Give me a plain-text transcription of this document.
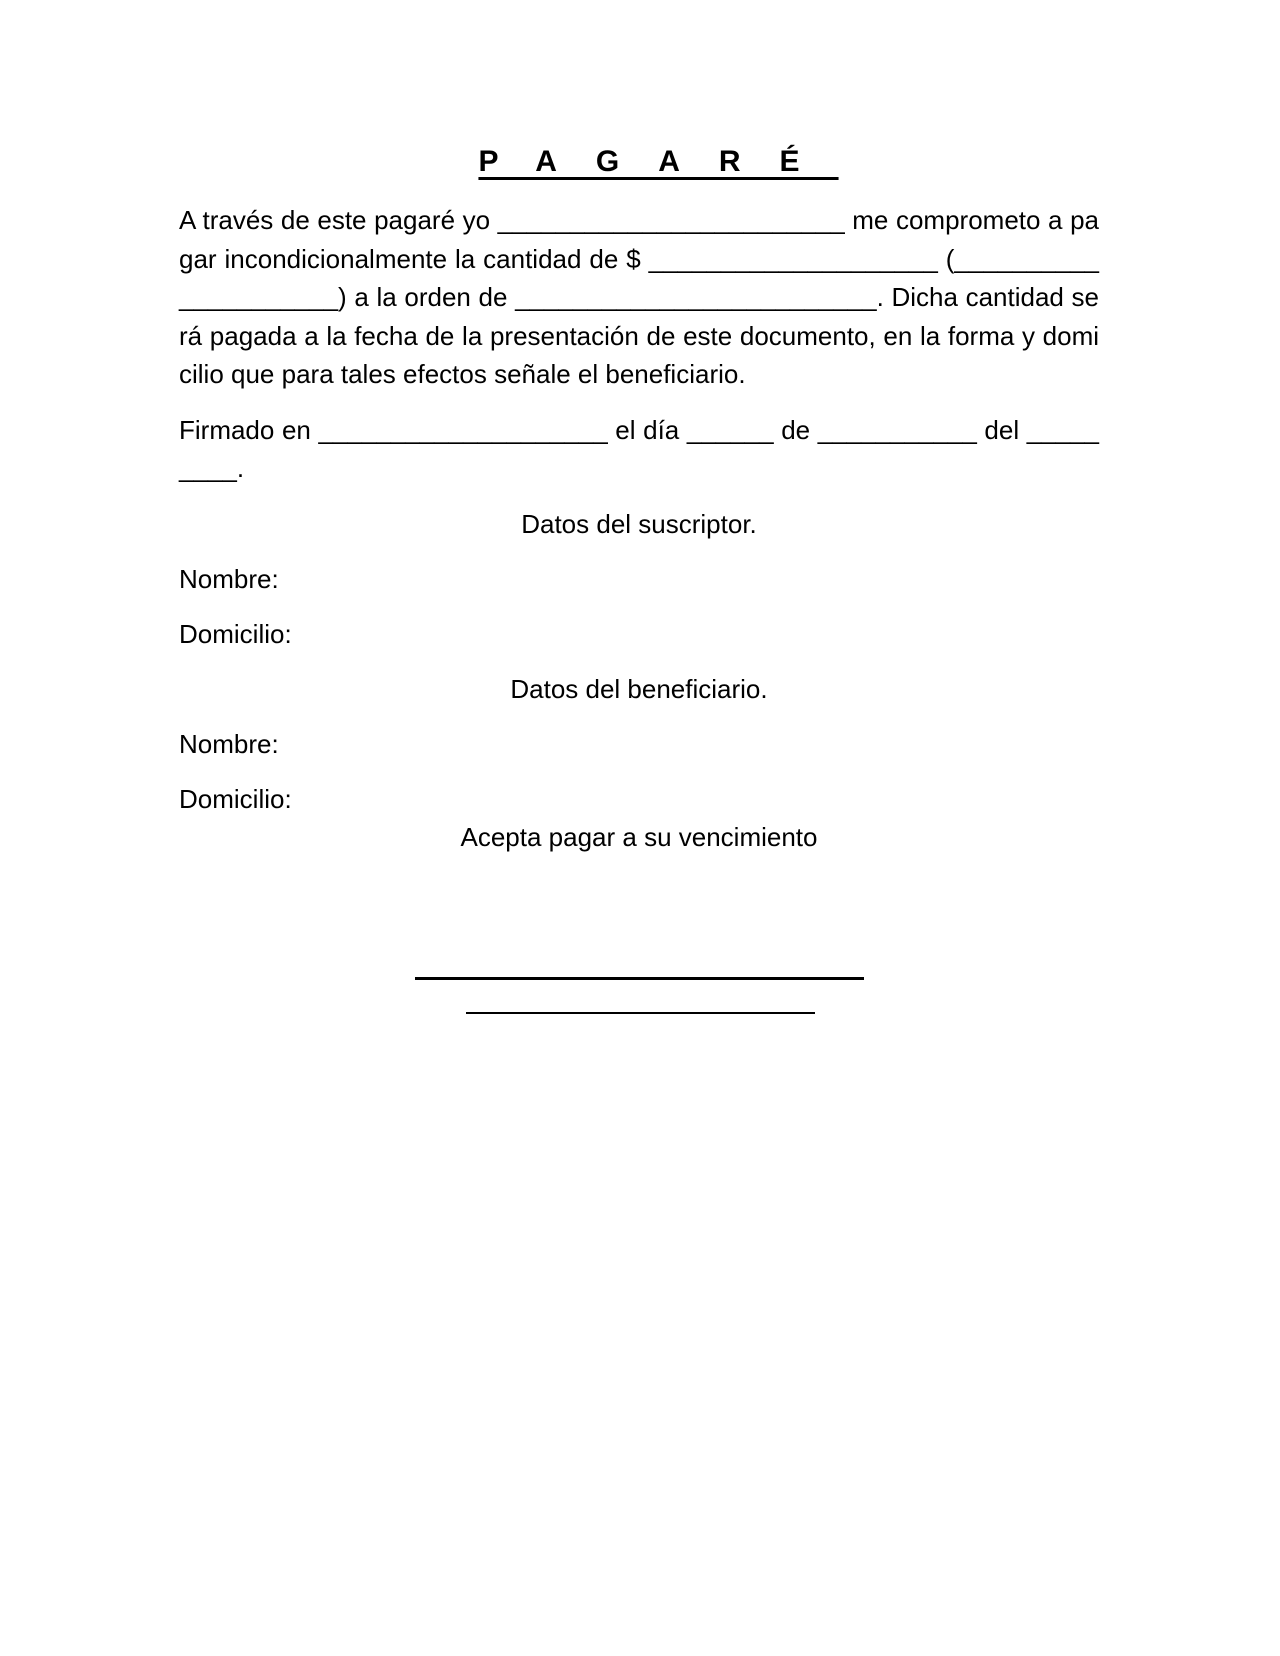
PAGARÉ

A través de este pagaré yo ________________________ me comprometo a pagar incondicionalmente la cantidad de $ ____________________ (_____________________) a la orden de _________________________. Dicha cantidad será pagada a la fecha de la presentación de este documento, en la forma y domicilio que para tales efectos señale el beneficiario.

Firmado en ____________________ el día ______ de ___________ del _________.

Datos del suscriptor.
Nombre:
Domicilio:
Datos del beneficiario.
Nombre:
Domicilio:
Acepta pagar a su vencimiento
